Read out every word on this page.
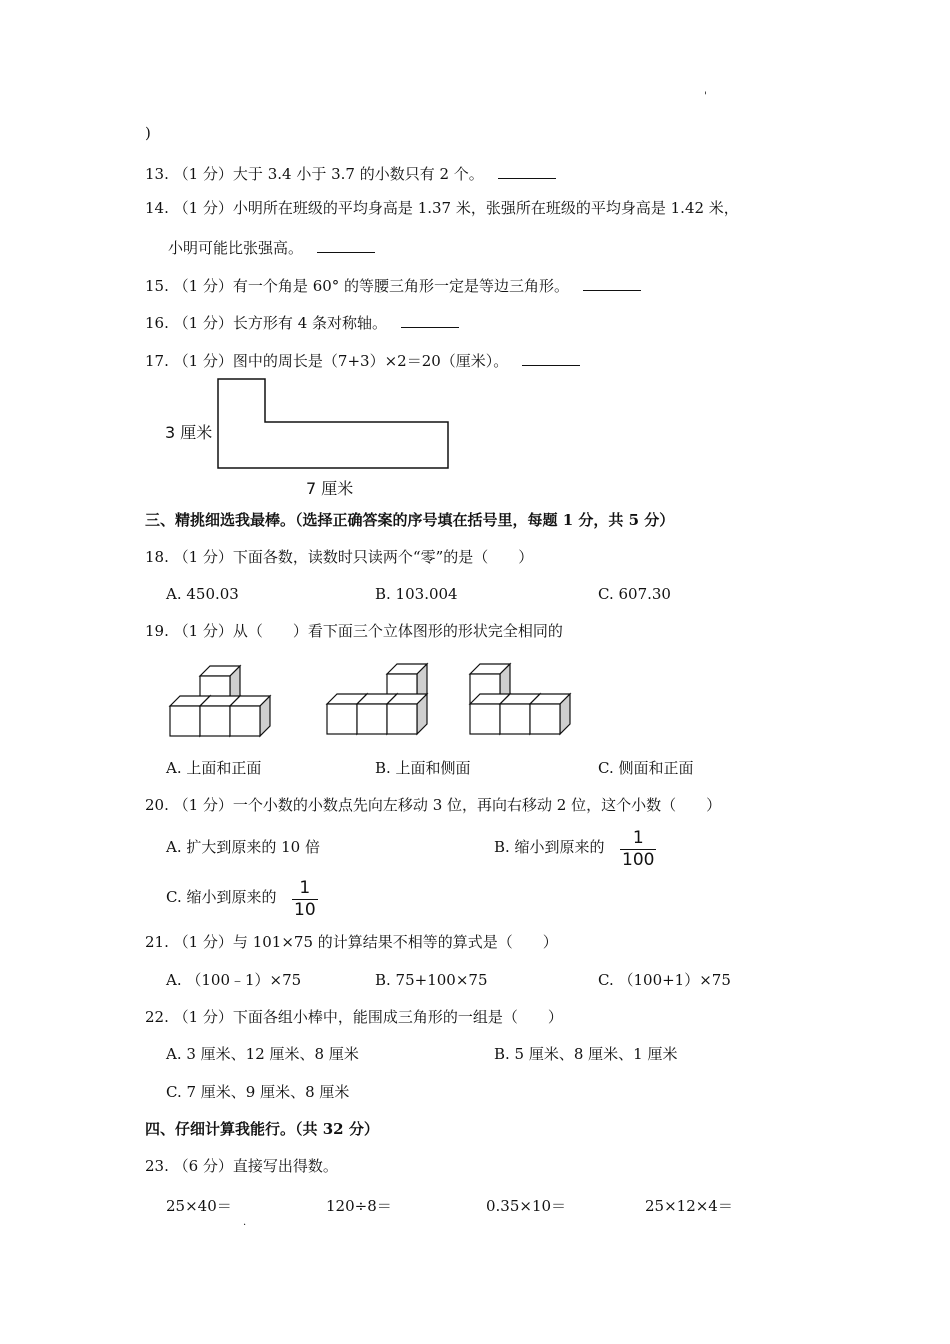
'
)
13. （1 分）大于 3.4 小于 3.7 的小数只有 2 个。
14. （1 分）小明所在班级的平均身高是 1.37 米，张强所在班级的平均身高是 1.42 米，
小明可能比张强高。
15. （1 分）有一个角是 60° 的等腰三角形一定是等边三角形。
16. （1 分）长方形有 4 条对称轴。
17. （1 分）图中的周长是（7+3）×2＝20（厘米）。
3 厘米
7 厘米
三、精挑细选我最棒。（选择正确答案的序号填在括号里，每题 1 分，共 5 分）
18. （1 分）下面各数，读数时只读两个“零”的是（　　）
A. 450.03	B. 103.004	C. 607.30
19. （1 分）从（　　）看下面三个立体图形的形状完全相同的
A. 上面和正面	B. 上面和侧面	C. 侧面和正面
20. （1 分）一个小数的小数点先向左移动 3 位，再向右移动 2 位，这个小数（　　）
A. 扩大到原来的 10 倍	B. 缩小到原来的 $\frac{1}{100}$
C. 缩小到原来的 $\frac{1}{10}$
21. （1 分）与 101×75 的计算结果不相等的算式是（　　）
A. （100﹣1）×75	B. 75+100×75	C. （100+1）×75
22. （1 分）下面各组小棒中，能围成三角形的一组是（　　）
A. 3 厘米、12 厘米、8 厘米	B. 5 厘米、8 厘米、1 厘米
C. 7 厘米、9 厘米、8 厘米
四、仔细计算我能行。（共 32 分）
23. （6 分）直接写出得数。
25×40＝	120÷8＝	0.35×10＝	25×12×4＝
.
